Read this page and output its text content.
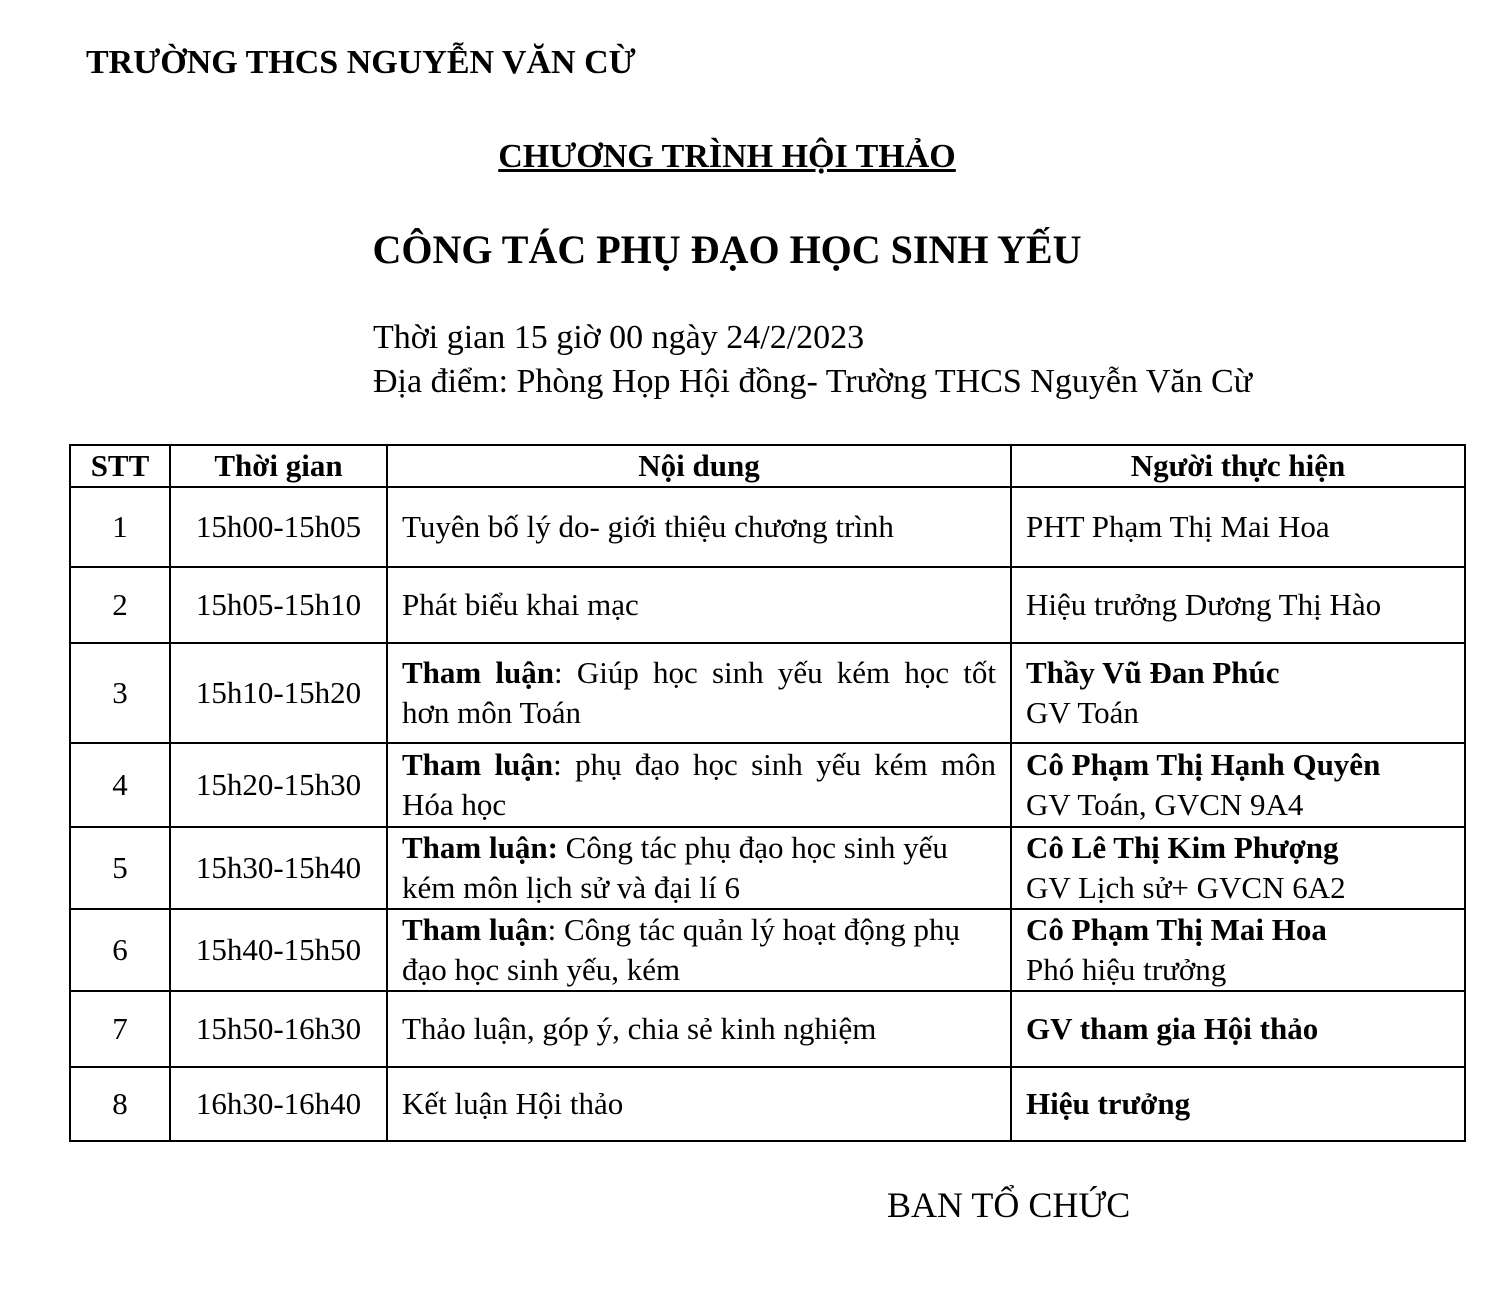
TRƯỜNG THCS NGUYỄN VĂN CỪ
CHƯƠNG TRÌNH HỘI THẢO
CÔNG TÁC PHỤ ĐẠO HỌC SINH YẾU
Thời gian 15 giờ 00 ngày 24/2/2023
Địa điểm: Phòng Họp Hội đồng- Trường THCS Nguyễn Văn Cừ
STT	Thời gian	Nội dung	Người thực hiện
1	15h00-15h05	Tuyên bố lý do- giới thiệu chương trình	PHT Phạm Thị Mai Hoa
2	15h05-15h10	Phát biểu khai mạc	Hiệu trưởng Dương Thị Hào
3	15h10-15h20	Tham luận: Giúp học sinh yếu kém học tốt hơn môn Toán	Thầy Vũ Đan Phúc
GV Toán

4	15h20-15h30	Tham luận: phụ đạo học sinh yếu kém môn Hóa học	Cô Phạm Thị Hạnh Quyên
GV Toán, GVCN 9A4

5	15h30-15h40	Tham luận: Công tác phụ đạo học sinh yếu kém môn lịch sử và đại lí 6	Cô Lê Thị Kim Phượng
GV Lịch sử+ GVCN 6A2

6	15h40-15h50	Tham luận: Công tác quản lý hoạt động phụ đạo học sinh yếu, kém	Cô Phạm Thị Mai Hoa
Phó hiệu trưởng

7	15h50-16h30	Thảo luận, góp ý, chia sẻ kinh nghiệm	GV tham gia Hội thảo
8	16h30-16h40	Kết luận Hội thảo	Hiệu trưởng
BAN TỔ CHỨC
